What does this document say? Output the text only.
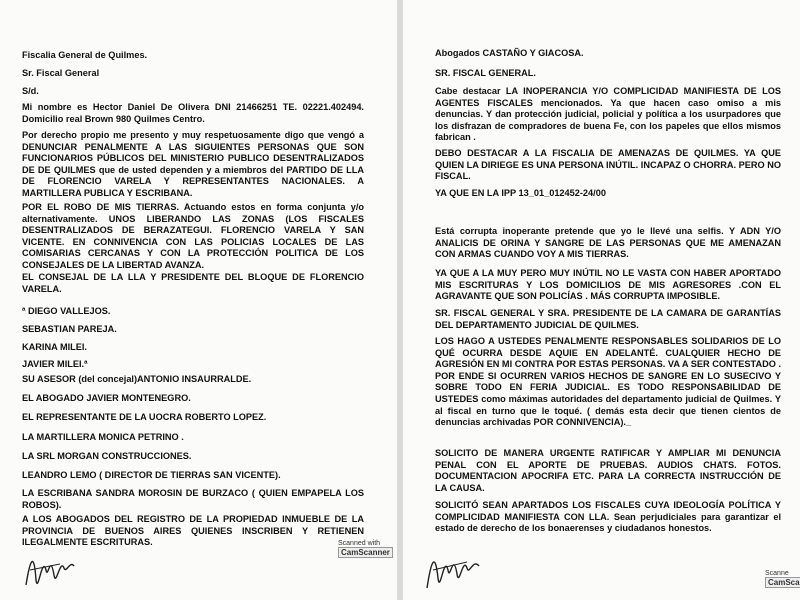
Fiscalia General de Quilmes.

Sr. Fiscal General

S/d.

Mi nombre es Hector Daniel De Olivera DNI 21466251 TE. 02221.402494. Domicilio real Brown 980 Quilmes Centro.

Por derecho propio me presento y muy respetuosamente digo que vengó a DENUNCIAR PENALMENTE A LAS SIGUIENTES PERSONAS QUE SON FUNCIONARIOS PÚBLICOS DEL MINISTERIO PUBLICO DESENTRALIZADOS DE DE QUILMES que de usted dependen y a miembros del PARTIDO DE LLA DE FLORENCIO VARELA Y REPRESENTANTES NACIONALES. A MARTILLERA PUBLICA Y ESCRIBANA.

POR EL ROBO DE MIS TIERRAS. Actuando estos en forma conjunta y/o alternativamente. UNOS LIBERANDO LAS ZONAS (LOS FISCALES DESENTRALIZADOS DE BERAZATEGUI. FLORENCIO VARELA Y SAN VICENTE. EN CONNIVENCIA CON LAS POLICIAS LOCALES DE LAS COMISARIAS CERCANAS Y CON LA PROTECCIÓN POLITICA DE LOS CONSEJALES DE LA LIBERTAD AVANZA.

EL CONSEJAL DE LA LLA Y PRESIDENTE DEL BLOQUE DE FLORENCIO VARELA.

ª DIEGO VALLEJOS.

SEBASTIAN PAREJA.

KARINA MILEI.

JAVIER MILEI.ª

SU ASESOR (del concejal)ANTONIO INSAURRALDE.

EL ABOGADO JAVIER MONTENEGRO.

EL REPRESENTANTE DE LA UOCRA ROBERTO LOPEZ.

LA MARTILLERA MONICA PETRINO .

LA SRL MORGAN CONSTRUCCIONES.

LEANDRO LEMO ( DIRECTOR DE TIERRAS SAN VICENTE).

LA ESCRIBANA SANDRA MOROSIN DE BURZACO ( QUIEN EMPAPELA LOS ROBOS).

A LOS ABOGADOS DEL REGISTRO DE LA PROPIEDAD INMUEBLE DE LA PROVINCIA DE BUENOS AIRES QUIENES INSCRIBEN Y RETIENEN ILEGALMENTE ESCRITURAS.	Scanned with
CamScanner

Abogados CASTAÑO Y GIACOSA.

SR. FISCAL GENERAL.

Cabe destacar LA INOPERANCIA Y/O COMPLICIDAD MANIFIESTA DE LOS AGENTES FISCALES mencionados. Ya que hacen caso omiso a mis denuncias. Y dan protección judicial, policial y política a los usurpadores que los disfrazan de compradores de buena Fe, con los papeles que ellos mismos fabrican .

DEBO DESTACAR A LA FISCALIA DE AMENAZAS DE QUILMES. YA QUE QUIEN LA DIRIEGE ES UNA PERSONA INÚTIL. INCAPAZ O CHORRA. PERO NO FISCAL.

YA QUE EN LA IPP 13_01_012452-24/00

Está corrupta inoperante pretende que yo le llevé una selfis. Y ADN Y/O ANALICIS DE ORINA Y SANGRE DE LAS PERSONAS QUE ME AMENAZAN CON ARMAS CUANDO VOY A MIS TIERRAS.

YA QUE A LA MUY PERO MUY INÚTIL NO LE VASTA CON HABER APORTADO MIS ESCRITURAS Y LOS DOMICILIOS DE MIS AGRESORES .CON EL AGRAVANTE QUE SON POLICÍAS . MÁS CORRUPTA IMPOSIBLE.

SR. FISCAL GENERAL Y SRA. PRESIDENTE DE LA CAMARA DE GARANTÍAS DEL DEPARTAMENTO JUDICIAL DE QUILMES.

LOS HAGO A USTEDES PENALMENTE RESPONSABLES SOLIDARIOS DE LO QUÉ OCURRA DESDE AQUIE EN ADELANTÉ. CUALQUIER HECHO DE AGRESIÓN EN MI CONTRA POR ESTAS PERSONAS. VA A SER CONTESTADO . POR ENDE SI OCURREN VARIOS HECHOS DE SANGRE EN LO SUSECIVO Y SOBRE TODO EN FERIA JUDICIAL. ES TODO RESPONSABILIDAD DE USTEDES como máximas autoridades del departamento judicial de Quilmes. Y al fiscal en turno que le toqué. ( demás esta decir que tienen cientos de denuncias archivadas POR CONNIVENCIA)._

SOLICITO DE MANERA URGENTE RATIFICAR Y AMPLIAR MI DENUNCIA PENAL CON EL APORTE DE PRUEBAS. AUDIOS CHATS. FOTOS. DOCUMENTACION APOCRIFA ETC. PARA LA CORRECTA INSTRUCCIÓN DE LA CAUSA.

SOLICITÓ SEAN APARTADOS LOS FISCALES CUYA IDEOLOGÍA POLÍTICA Y COMPLICIDAD MANIFIESTA CON LLA. Sean perjudiciales para garantizar el estado de derecho de los bonaerenses y ciudadanos honestos.

Scanne
CamSca
